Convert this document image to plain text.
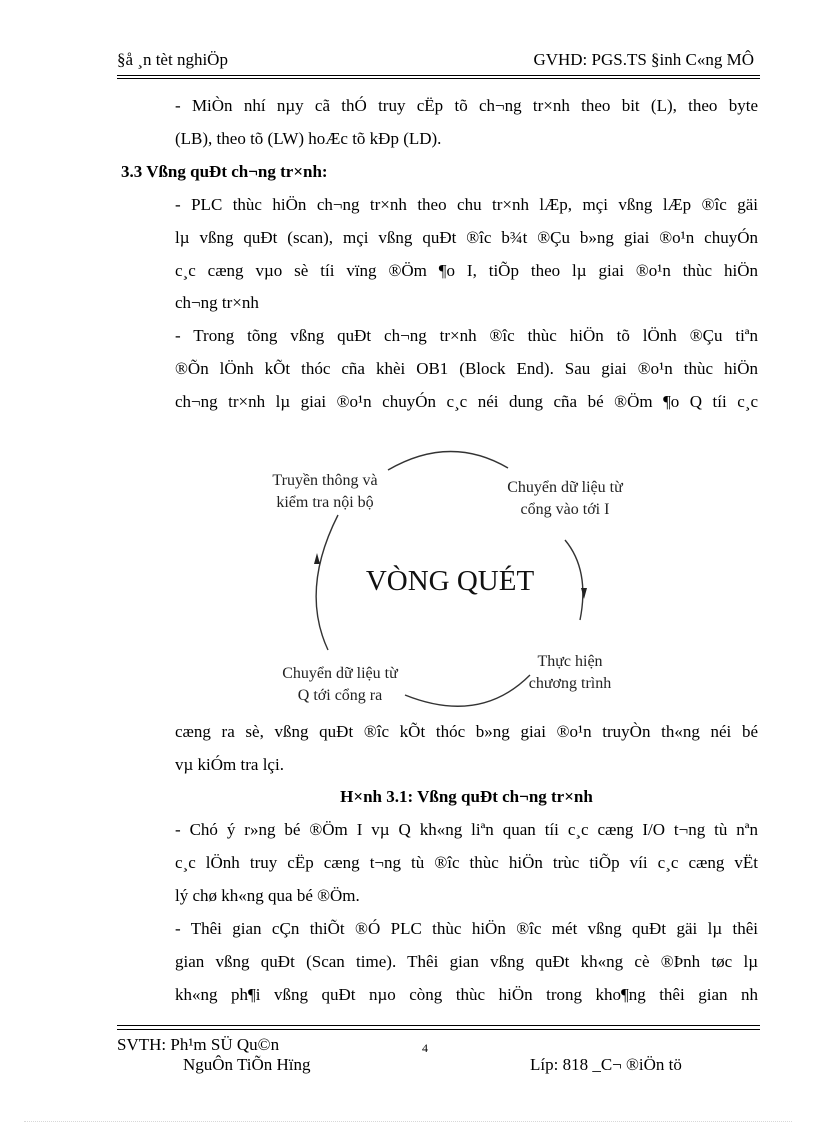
§å ¸n tèt nghiÖp	GVHD: PGS.TS §inh C«ng MÔ
- MiÒn nhí nµy cã thÓ truy cËp tõ ch¬ng tr×nh theo bit (L), theo byte
(LB), theo tõ (LW) hoÆc tõ kÐp (LD).
3.3 Vßng quÐt ch¬ng tr×nh:
- PLC thùc hiÖn ch¬ng tr×nh theo chu tr×nh lÆp, mçi vßng lÆp ®îc gäi
lµ vßng quÐt (scan), mçi vßng quÐt ®îc b¾t ®Çu b»ng giai ®o¹n chuyÓn
c¸c cæng vµo sè tíi vïng ®Öm ¶o I, tiÕp theo lµ giai ®o¹n thùc hiÖn
ch¬ng tr×nh
- Trong tõng vßng quÐt ch¬ng tr×nh ®îc thùc hiÖn tõ lÖnh ®Çu tiªn
®Õn lÖnh kÕt thóc cña khèi OB1 (Block End). Sau giai ®o¹n thùc hiÖn
ch¬ng tr×nh lµ giai ®o¹n chuyÓn c¸c néi dung cña bé ®Öm ¶o Q tíi c¸c
cæng ra sè, vßng quÐt ®îc kÕt thóc b»ng giai ®o¹n truyÒn th«ng néi bé
vµ kiÓm tra lçi.
H×nh 3.1: Vßng quÐt ch¬ng tr×nh
- Chó ý r»ng bé ®Öm I vµ Q kh«ng liªn quan tíi c¸c cæng I/O t¬ng tù nªn
c¸c lÖnh truy cËp cæng t¬ng tù ®îc thùc hiÖn trùc tiÕp víi c¸c cæng vËt
lý chø kh«ng qua bé ®Öm.
- Thêi gian cÇn thiÕt ®Ó PLC thùc hiÖn ®îc mét vßng quÐt gäi lµ thêi
gian vßng quÐt (Scan time). Thêi gian vßng quÐt kh«ng cè ®Þnh tøc lµ
kh«ng ph¶i vßng quÐt nµo còng thùc hiÖn trong kho¶ng thêi gian nh
Truyền thông và
kiểm tra nội bộ
Chuyển dữ liệu từ
cổng vào tới I
VÒNG QUÉT
Thực hiện
chương trình
Chuyển dữ liệu từ
Q tới cổng ra
SVTH: Ph¹m SÜ Qu©n
NguÔn TiÕn Hïng
4
Líp: 818 _C¬ ®iÖn tö
